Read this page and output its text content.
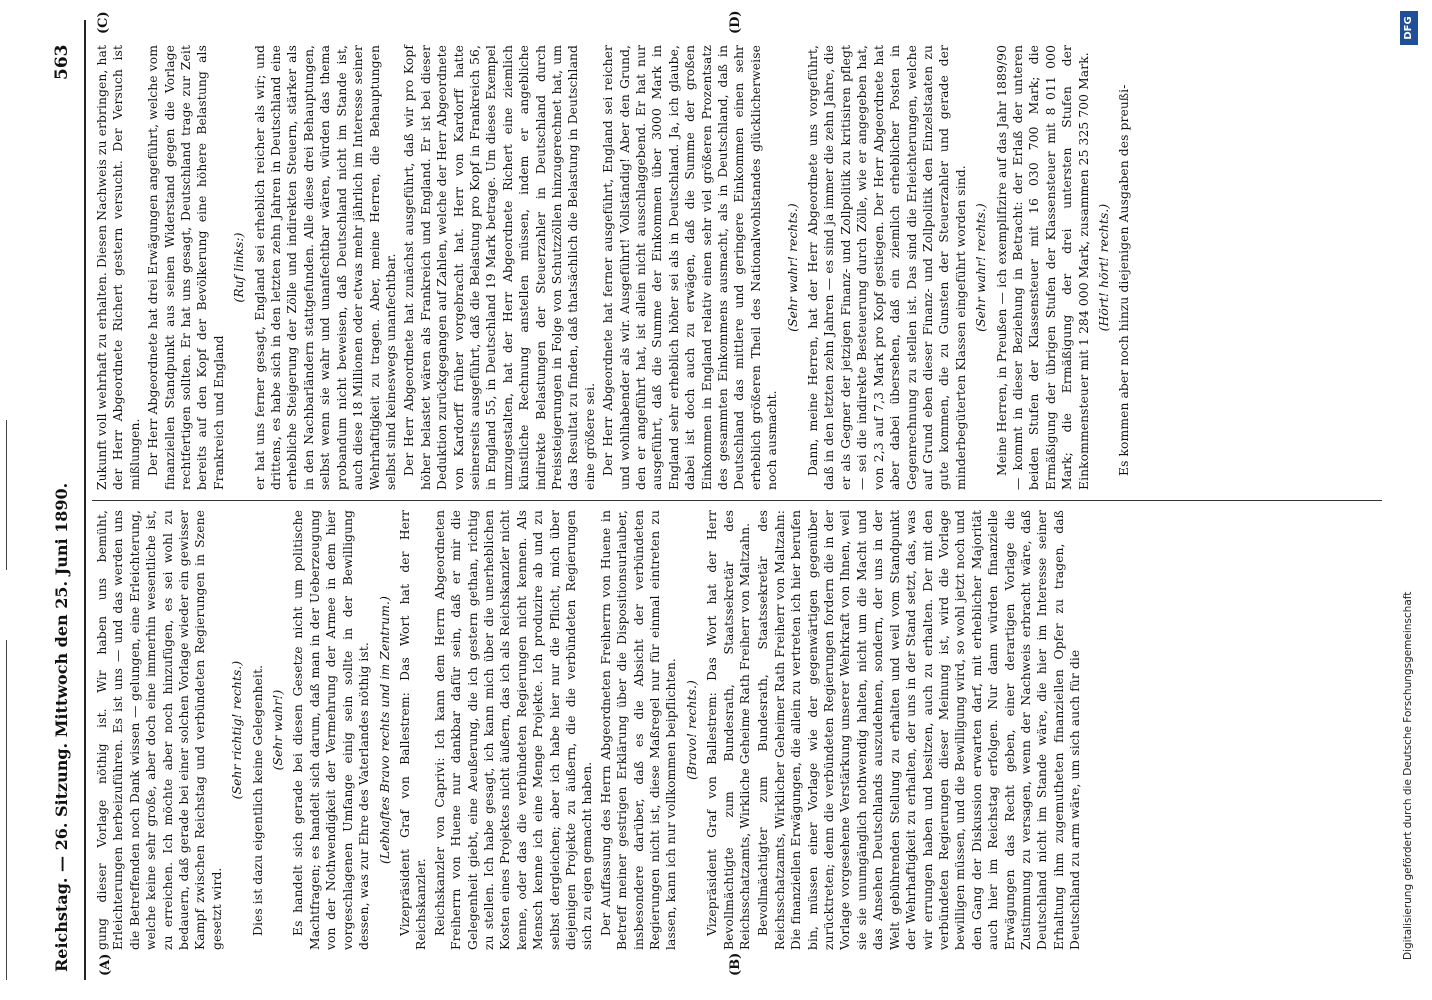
Reichstag. — 26. Sitzung. Mittwoch den 25. Juni 1890.
563
(A)	(B)
(C)	(D)

gung dieser Vorlage nöthig ist. Wir haben uns bemüht, Erleichterungen herbeizuführen. Es ist uns — und das werden uns die Betreffenden noch Dank wissen — gelungen, eine Erleichterung, welche keine sehr große, aber doch eine immerhin wesentliche ist, zu erreichen. Ich möchte aber noch hinzufügen, es sei wohl zu bedauern, daß gerade bei einer solchen Vorlage wieder ein gewisser Kampf zwischen Reichstag und verbündeten Regierungen in Szene gesetzt wird.

(Sehr richtig! rechts.) Dies ist dazu eigentlich keine Gelegenheit. (Sehr wahr!) Es handelt sich gerade bei diesen Gesetze nicht um politische Machtfragen; es handelt sich darum, daß man in der Ueberzeugung von der Nothwendigkeit der Vermehrung der Armee in dem hier vorgeschlagenen Umfange einig sein sollte in der Bewilligung dessen, was zur Ehre des Vaterlandes nöthig ist. (Lebhaftes Bravo rechts und im Zentrum.) Vizepräsident Graf von Ballestrem: Das Wort hat der Herr Reichskanzler. Reichskanzler von Caprivi: Ich kann dem Herrn Abgeordneten Freiherrn von Huene nur dankbar dafür sein, daß er mir die Gelegenheit giebt, eine Aeußerung, die ich gestern gethan, richtig zu stellen. Ich habe gesagt, ich kann mich über die unerheblichen Kosten eines Projektes nicht äußern, das ich als Reichskanzler nicht kenne, oder das die verbündeten Regierungen nicht kennen. Als Mensch kenne ich eine Menge Projekte. Ich produzire ab und zu selbst dergleichen; aber ich habe hier nur die Pflicht, mich über diejenigen Projekte zu äußern, die die verbündeten Regierungen sich zu eigen gemacht haben. Der Auffassung des Herrn Abgeordneten Freiherrn von Huene in Betreff meiner gestrigen Erklärung über die Dispositionsurlauber, insbesondere darüber, daß es die Absicht der verbündeten Regierungen nicht ist, diese Maßregel nur für einmal eintreten zu lassen, kann ich nur vollkommen beipflichten. (Bravo! rechts.) Vizepräsident Graf von Ballestrem: Das Wort hat der Herr Bevollmächtigte zum Bundesrath, Staatssekretär des Reichsschatzamts, Wirkliche Geheime Rath Freiherr von Maltzahn. Bevollmächtigter zum Bundesrath, Staatssekretär des Reichsschatzamts, Wirklicher Geheimer Rath Freiherr von Maltzahn: Die finanziellen Erwägungen, die allein zu vertreten ich hier berufen bin, müssen einer Vorlage wie der gegenwärtigen gegenüber zurücktreten; denn die verbündeten Regierungen fordern die in der Vorlage vorgesehene Verstärkung unserer Wehrkraft von Ihnen, weil sie sie unumgänglich nothwendig halten, nicht um die Macht und das Ansehen Deutschlands auszudehnen, sondern, der uns in der Welt gebührenden Stellung zu erhalten und weil vom Standpunkt der Wehrhaftigkeit zu erhalten, der uns in der Stand setzt, das, was wir errungen haben und besitzen, auch zu erhalten. Der mit den verbündeten Regierungen dieser Meinung ist, wird die Vorlage bewilligen müssen, und die Bewilligung wird, so wohl jetzt noch und den Gang der Diskussion erwarten darf, mit erheblicher Majorität auch hier im Reichstag erfolgen. Nur dann würden finanzielle Erwägungen das Recht geben, einer derartigen Vorlage die Zustimmung zu versagen, wenn der Nachweis erbracht wäre, daß Deutschland nicht im Stande wäre, die hier im Interesse seiner Erhaltung ihm zugemutheten finanziellen Opfer zu tragen, daß Deutschland zu arm wäre, um sich auch für die

Zukunft voll wehrhaft zu erhalten. Diesen Nachweis zu erbringen, hat der Herr Abgeordnete Richert gestern versucht. Der Versuch ist mißlungen. Der Herr Abgeordnete hat drei Erwägungen angeführt, welche vom finanziellen Standpunkt aus seinen Widerstand gegen die Vorlage rechtfertigen sollten. Er hat uns gesagt, Deutschland trage zur Zeit bereits auf den Kopf der Bevölkerung eine höhere Belastung als Frankreich und England

(Ruf links:) er hat uns ferner gesagt, England sei erheblich reicher als wir; und drittens, es habe sich in den letzten zehn Jahren in Deutschland eine erhebliche Steigerung der Zölle und indirekten Steuern, stärker als in den Nachbarländern stattgefunden. Alle diese drei Behauptungen, selbst wenn sie wahr und unanfechtbar wären, würden das thema probandum nicht beweisen, daß Deutschland nicht im Stande ist, auch diese 18 Millionen oder etwas mehr jährlich im Interesse seiner Wehrhaftigkeit zu tragen. Aber, meine Herren, die Behauptungen selbst sind keineswegs unanfechtbar. Der Herr Abgeordnete hat zunächst ausgeführt, daß wir pro Kopf höher belastet wären als Frankreich und England. Er ist bei dieser Deduktion zurückgegangen auf Zahlen, welche der Herr Abgeordnete von Kardorff früher vorgebracht hat. Herr von Kardorff hatte seinerseits ausgeführt, daß die Belastung pro Kopf in Frankreich 56, in England 55, in Deutschland 19 Mark betrage. Um dieses Exempel umzugestalten, hat der Herr Abgeordnete Richert eine ziemlich künstliche Rechnung anstellen müssen, indem er angebliche indirekte Belastungen der Steuerzahler in Deutschland durch Preissteigerungen in Folge von Schutzzöllen hinzugerechnet hat, um das Resultat zu finden, daß thatsächlich die Belastung in Deutschland eine größere sei. Der Herr Abgeordnete hat ferner ausgeführt, England sei reicher und wohlhabender als wir. Ausgeführt! Vollständig! Aber den Grund, den er angeführt hat, ist allein nicht ausschlaggebend. Er hat nur ausgeführt, daß die Summe der Einkommen über 3000 Mark in England sehr erheblich höher sei als in Deutschland. Ja, ich glaube, dabei ist doch auch zu erwägen, daß die Summe der großen Einkommen in England relativ einen sehr viel größeren Prozentsatz des gesammten Einkommens ausmacht, als in Deutschland, daß in Deutschland das mittlere und geringere Einkommen einen sehr erheblich größeren Theil des Nationalwohlstandes glücklicherweise noch ausmacht.

(Sehr wahr! rechts.) Dann, meine Herren, hat der Herr Abgeordnete uns vorgeführt, daß in den letzten zehn Jahren — es sind ja immer die zehn Jahre, die er als Gegner der jetzigen Finanz- und Zollpolitik zu kritisiren pflegt — sei die indirekte Besteuerung durch Zölle, wie er angegeben hat, von 2,3 auf 7,3 Mark pro Kopf gestiegen. Der Herr Abgeordnete hat aber dabei übersehen, daß ein ziemlich erheblicher Posten in Gegenrechnung zu stellen ist. Das sind die Erleichterungen, welche auf Grund eben dieser Finanz- und Zollpolitik den Einzelstaaten zu gute kommen, die zu Gunsten der Steuerzahler und gerade der minderbegüterten Klassen eingeführt worden sind. (Sehr wahr! rechts.) Meine Herren, in Preußen — ich exemplifizire auf das Jahr 1889/90 — kommt in dieser Beziehung in Betracht: der Erlaß der unteren beiden Stufen der Klassensteuer mit 16 030 700 Mark; die Ermäßigung der übrigen Stufen der Klassensteuer mit 8 011 000 Mark; die Ermäßigung der drei untersten Stufen der Einkommensteuer mit 1 284 000 Mark, zusammen 25 325 700 Mark. (Hört! hört! rechts.) Es kommen aber noch hinzu diejenigen Ausgaben des preußi-

Digitalisierung gefördert durch die Deutsche Forschungsgemeinschaft
DFG
